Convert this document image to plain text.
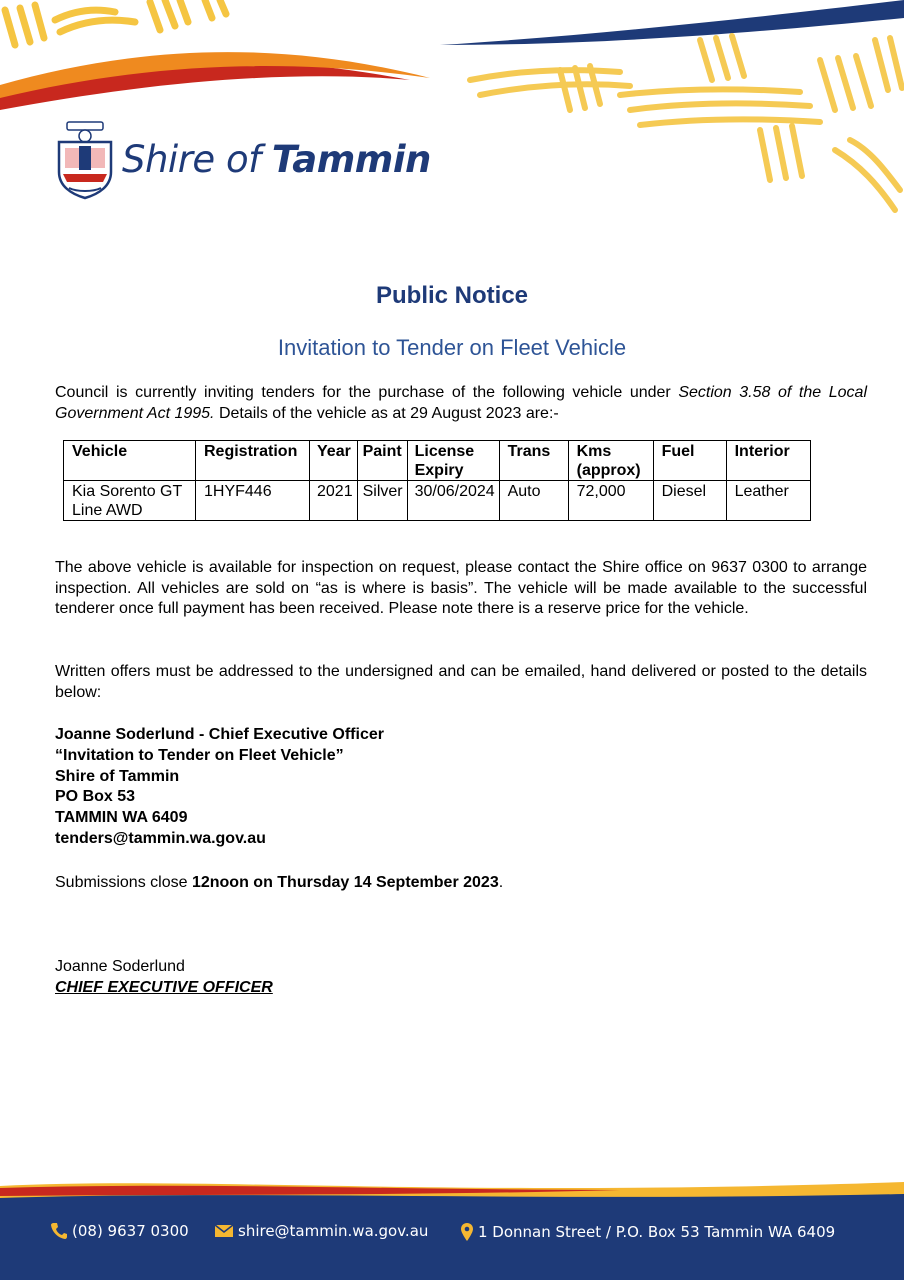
Shire of Tammin
Public Notice
Invitation to Tender on Fleet Vehicle

Council is currently inviting tenders for the purchase of the following vehicle under Section 3.58 of the Local Government Act 1995. Details of the vehicle as at 29 August 2023 are:-

Vehicle	Registration	Year	Paint	License Expiry	Trans	Kms (approx)	Fuel	Interior
Kia Sorento GT Line AWD	1HYF446	2021	Silver	30/06/2024	Auto	72,000	Diesel	Leather

The above vehicle is available for inspection on request, please contact the Shire office on 9637 0300 to arrange inspection. All vehicles are sold on “as is where is basis”. The vehicle will be made available to the successful tenderer once full payment has been received. Please note there is a reserve price for the vehicle.

Written offers must be addressed to the undersigned and can be emailed, hand delivered or posted to the details below:

Joanne Soderlund - Chief Executive Officer
“Invitation to Tender on Fleet Vehicle”
Shire of Tammin
PO Box 53
TAMMIN WA 6409
tenders@tammin.wa.gov.au
Submissions close 12noon on Thursday 14 September 2023.
Joanne Soderlund
CHIEF EXECUTIVE OFFICER
(08) 9637 0300	shire@tammin.wa.gov.au	1 Donnan Street / P.O. Box 53 Tammin WA 6409
